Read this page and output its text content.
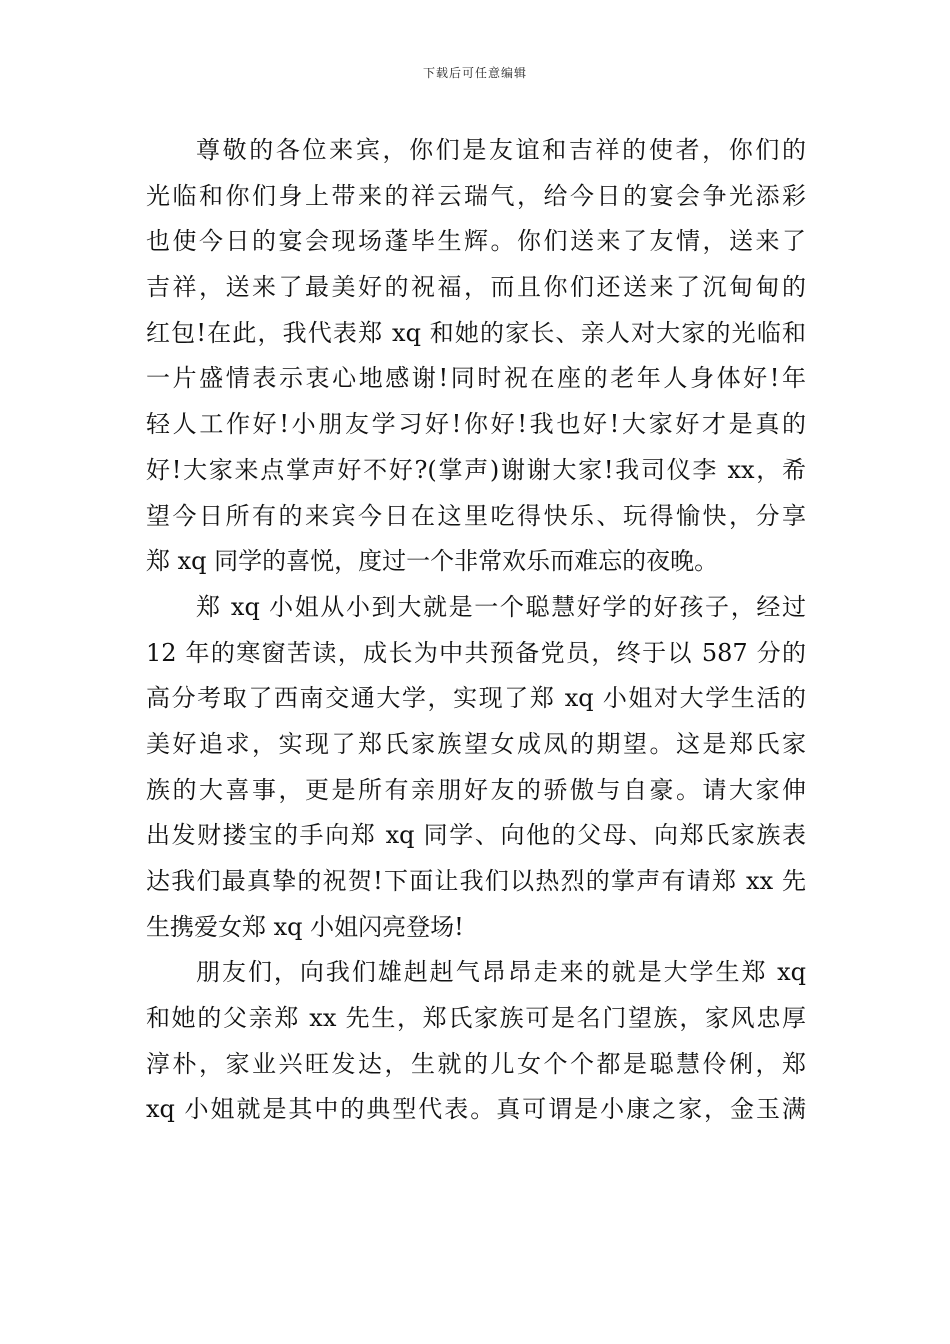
下载后可任意编辑
尊敬的各位来宾，你们是友谊和吉祥的使者，你们的
光临和你们身上带来的祥云瑞气，给今日的宴会争光添彩
也使今日的宴会现场蓬毕生辉。你们送来了友情，送来了
吉祥，送来了最美好的祝福，而且你们还送来了沉甸甸的
红包!在此，我代表郑 xq 和她的家长、亲人对大家的光临和
一片盛情表示衷心地感谢!同时祝在座的老年人身体好!年
轻人工作好!小朋友学习好!你好!我也好!大家好才是真的
好!大家来点掌声好不好?(掌声)谢谢大家!我司仪李 xx，希
望今日所有的来宾今日在这里吃得快乐、玩得愉快，分享
郑 xq 同学的喜悦，度过一个非常欢乐而难忘的夜晚。
郑 xq 小姐从小到大就是一个聪慧好学的好孩子，经过
12 年的寒窗苦读，成长为中共预备党员，终于以 587 分的
高分考取了西南交通大学，实现了郑 xq 小姐对大学生活的
美好追求，实现了郑氏家族望女成凤的期望。这是郑氏家
族的大喜事，更是所有亲朋好友的骄傲与自豪。请大家伸
出发财搂宝的手向郑 xq 同学、向他的父母、向郑氏家族表
达我们最真挚的祝贺!下面让我们以热烈的掌声有请郑 xx 先
生携爱女郑 xq 小姐闪亮登场!
朋友们，向我们雄赳赳气昂昂走来的就是大学生郑 xq
和她的父亲郑 xx 先生，郑氏家族可是名门望族，家风忠厚
淳朴，家业兴旺发达，生就的儿女个个都是聪慧伶俐，郑
xq 小姐就是其中的典型代表。真可谓是小康之家，金玉满
